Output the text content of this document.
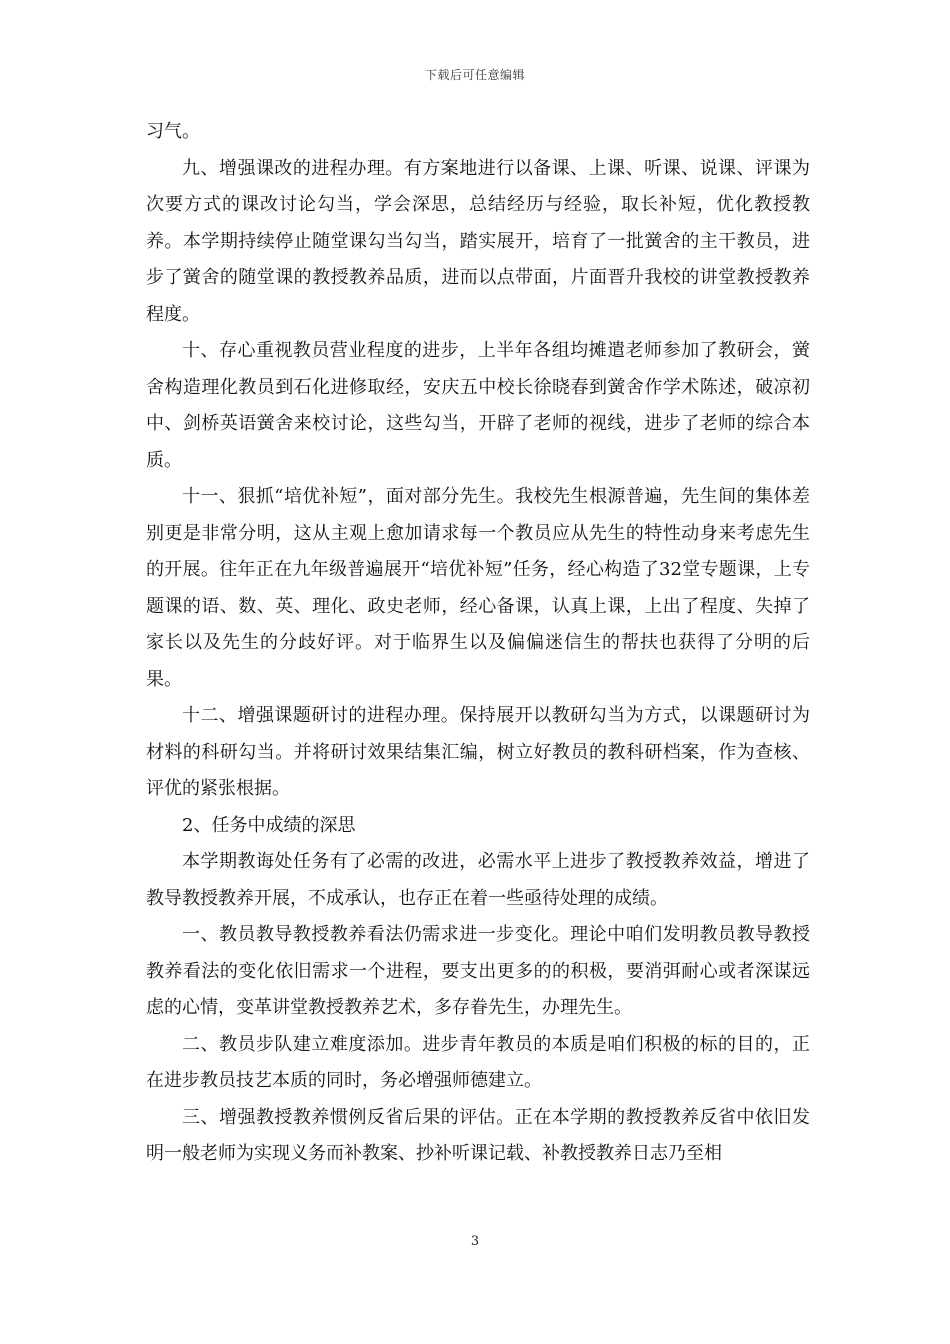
下载后可任意编辑

习气。

九、增强课改的进程办理。有方案地进行以备课、上课、听课、说课、评课为次要方式的课改讨论勾当，学会深思，总结经历与经验，取长补短，优化教授教养。本学期持续停止随堂课勾当勾当，踏实展开，培育了一批黉舍的主干教员，进步了黉舍的随堂课的教授教养品质，进而以点带面，片面晋升我校的讲堂教授教养程度。

十、存心重视教员营业程度的进步，上半年各组均摊遣老师参加了教研会，黉舍构造理化教员到石化进修取经，安庆五中校长徐晓春到黉舍作学术陈述，破凉初中、剑桥英语黉舍来校讨论，这些勾当，开辟了老师的视线，进步了老师的综合本质。

十一、狠抓“培优补短”，面对部分先生。我校先生根源普遍，先生间的集体差别更是非常分明，这从主观上愈加请求每一个教员应从先生的特性动身来考虑先生的开展。往年正在九年级普遍展开“培优补短”任务，经心构造了32堂专题课，上专题课的语、数、英、理化、政史老师，经心备课，认真上课，上出了程度、失掉了家长以及先生的分歧好评。对于临界生以及偏偏迷信生的帮扶也获得了分明的后果。

十二、增强课题研讨的进程办理。保持展开以教研勾当为方式，以课题研讨为材料的科研勾当。并将研讨效果结集汇编，树立好教员的教科研档案，作为查核、评优的紧张根据。

2、任务中成绩的深思

本学期教诲处任务有了必需的改进，必需水平上进步了教授教养效益，增进了教导教授教养开展，不成承认，也存正在着一些亟待处理的成绩。

一、教员教导教授教养看法仍需求进一步变化。理论中咱们发明教员教导教授教养看法的变化依旧需求一个进程，要支出更多的的积极，要消弭耐心或者深谋远虑的心情，变革讲堂教授教养艺术，多存眷先生，办理先生。

二、教员步队建立难度添加。进步青年教员的本质是咱们积极的标的目的，正在进步教员技艺本质的同时，务必增强师德建立。

三、增强教授教养惯例反省后果的评估。正在本学期的教授教养反省中依旧发明一般老师为实现义务而补教案、抄补听课记载、补教授教养日志乃至相

3
